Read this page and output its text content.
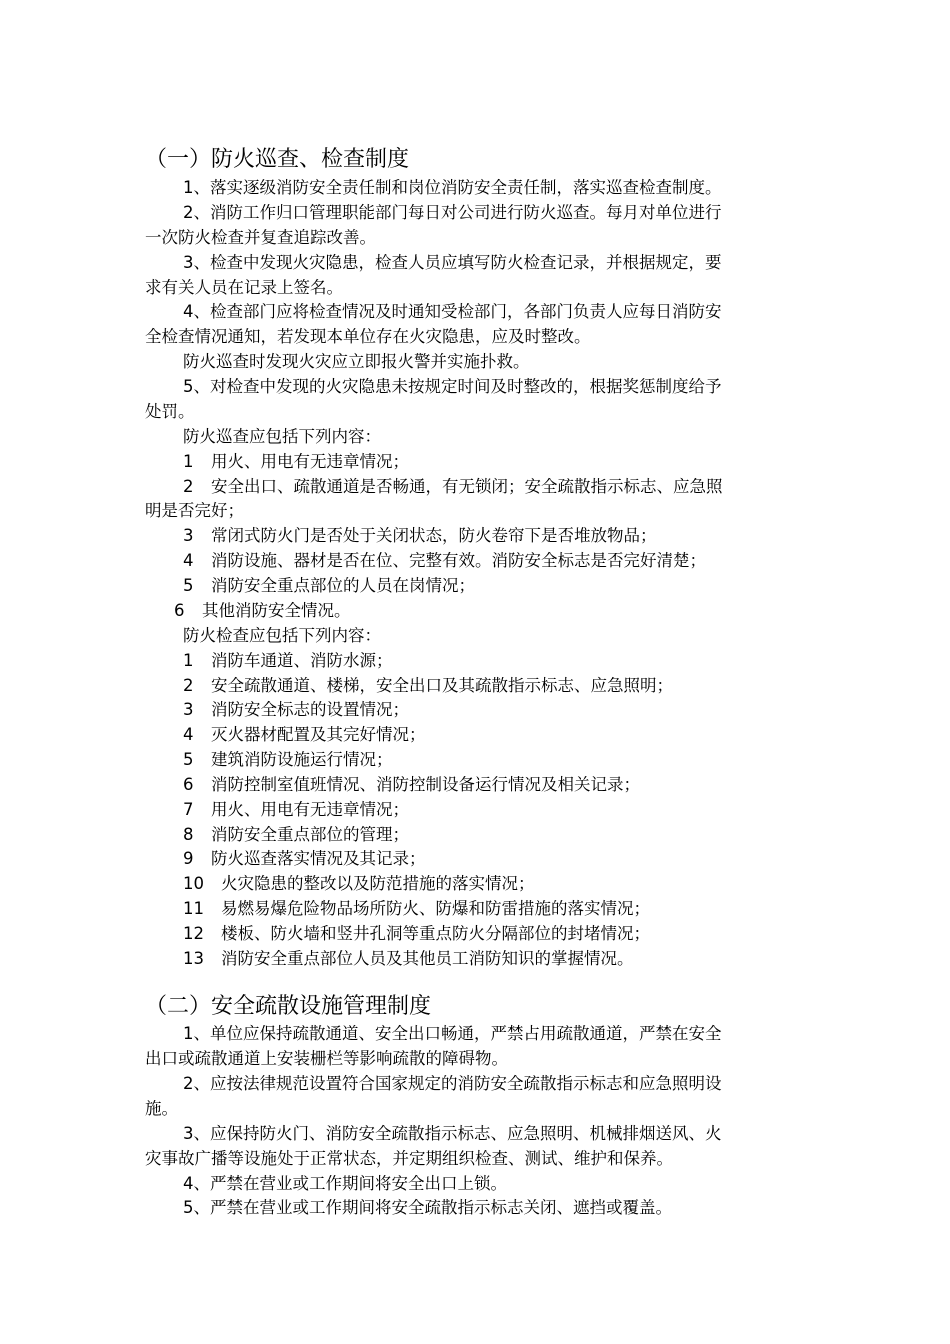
（一）防火巡查、检查制度
1、落实逐级消防安全责任制和岗位消防安全责任制，落实巡查检查制度。
2、消防工作归口管理职能部门每日对公司进行防火巡查。每月对单位进行
一次防火检查并复查追踪改善。
3、检查中发现火灾隐患，检查人员应填写防火检查记录，并根据规定，要
求有关人员在记录上签名。
4、检查部门应将检查情况及时通知受检部门，各部门负责人应每日消防安
全检查情况通知，若发现本单位存在火灾隐患，应及时整改。
防火巡查时发现火灾应立即报火警并实施扑救。
5、对检查中发现的火灾隐患未按规定时间及时整改的，根据奖惩制度给予
处罚。
防火巡查应包括下列内容：
1 用火、用电有无违章情况；
2 安全出口、疏散通道是否畅通，有无锁闭；安全疏散指示标志、应急照
明是否完好；
3 常闭式防火门是否处于关闭状态，防火卷帘下是否堆放物品；
4 消防设施、器材是否在位、完整有效。消防安全标志是否完好清楚；
5 消防安全重点部位的人员在岗情况；
6 其他消防安全情况。
防火检查应包括下列内容：
1 消防车通道、消防水源；
2 安全疏散通道、楼梯，安全出口及其疏散指示标志、应急照明；
3 消防安全标志的设置情况；
4 灭火器材配置及其完好情况；
5 建筑消防设施运行情况；
6 消防控制室值班情况、消防控制设备运行情况及相关记录；
7 用火、用电有无违章情况；
8 消防安全重点部位的管理；
9 防火巡查落实情况及其记录；
10 火灾隐患的整改以及防范措施的落实情况；
11 易燃易爆危险物品场所防火、防爆和防雷措施的落实情况；
12 楼板、防火墙和竖井孔洞等重点防火分隔部位的封堵情况；
13 消防安全重点部位人员及其他员工消防知识的掌握情况。
（二）安全疏散设施管理制度
1、单位应保持疏散通道、安全出口畅通，严禁占用疏散通道，严禁在安全
出口或疏散通道上安装栅栏等影响疏散的障碍物。
2、应按法律规范设置符合国家规定的消防安全疏散指示标志和应急照明设
施。
3、应保持防火门、消防安全疏散指示标志、应急照明、机械排烟送风、火
灾事故广播等设施处于正常状态，并定期组织检查、测试、维护和保养。
4、严禁在营业或工作期间将安全出口上锁。
5、严禁在营业或工作期间将安全疏散指示标志关闭、遮挡或覆盖。
